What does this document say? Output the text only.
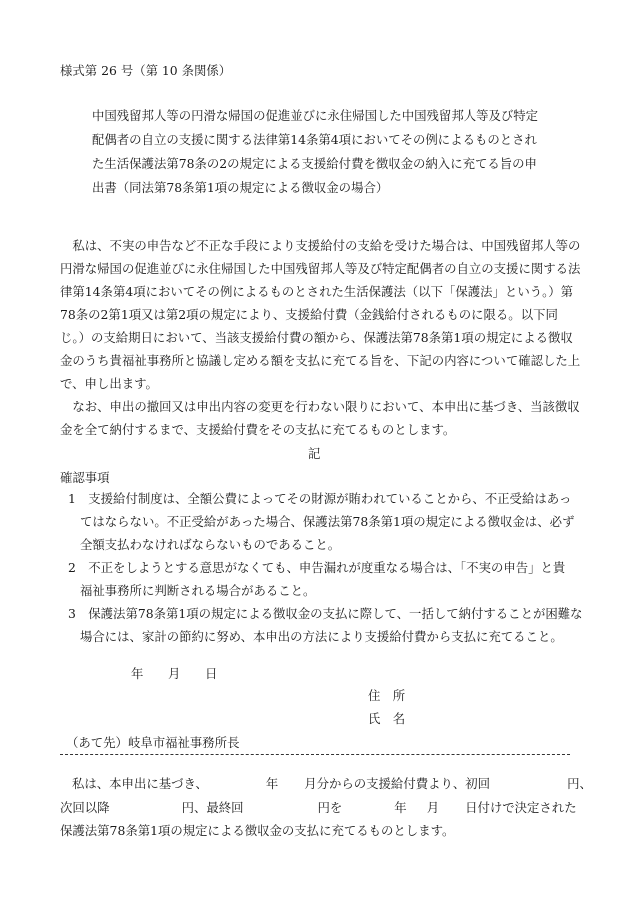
様式第 26 号（第 10 条関係）
中国残留邦人等の円滑な帰国の促進並びに永住帰国した中国残留邦人等及び特定
配偶者の自立の支援に関する法律第14条第4項においてその例によるものとされ
た生活保護法第78条の2の規定による支援給付費を徴収金の納入に充てる旨の申
出書（同法第78条第1項の規定による徴収金の場合）
　私は、不実の申告など不正な手段により支援給付の支給を受けた場合は、中国残留邦人等の
円滑な帰国の促進並びに永住帰国した中国残留邦人等及び特定配偶者の自立の支援に関する法
律第14条第4項においてその例によるものとされた生活保護法（以下「保護法」という。）第
78条の2第1項又は第2項の規定により、支援給付費（金銭給付されるものに限る。以下同
じ。）の支給期日において、当該支援給付費の額から、保護法第78条第1項の規定による徴収
金のうち貴福祉事務所と協議し定める額を支払に充てる旨を、下記の内容について確認した上
で、申し出ます。
記
確認事項
1　支援給付制度は、全額公費によってその財源が賄われていることから、不正受給はあっ
てはならない。不正受給があった場合、保護法第78条第1項の規定による徴収金は、必ず
全額支払わなければならないものであること。
2　不正をしようとする意思がなくても、申告漏れが度重なる場合は、「不実の申告」と貴
福祉事務所に判断される場合があること。
3　保護法第78条第1項の規定による徴収金の支払に際して、一括して納付することが困難な
場合には、家計の節約に努め、本申出の方法により支援給付費から支払に充てること。
年 月 日
住　所
氏　名
（あて先）岐阜市福祉事務所長
私は、本申出に基づき、	年 月分からの支援給付費より、初回	円、
次回以降	円、最終回	円を	年 月 日付けで決定された
保護法第78条第1項の規定による徴収金の支払に充てるものとします。
　なお、申出の撤回又は申出内容の変更を行わない限りにおいて、本申出に基づき、当該徴収
金を全て納付するまで、支援給付費をその支払に充てるものとします。
